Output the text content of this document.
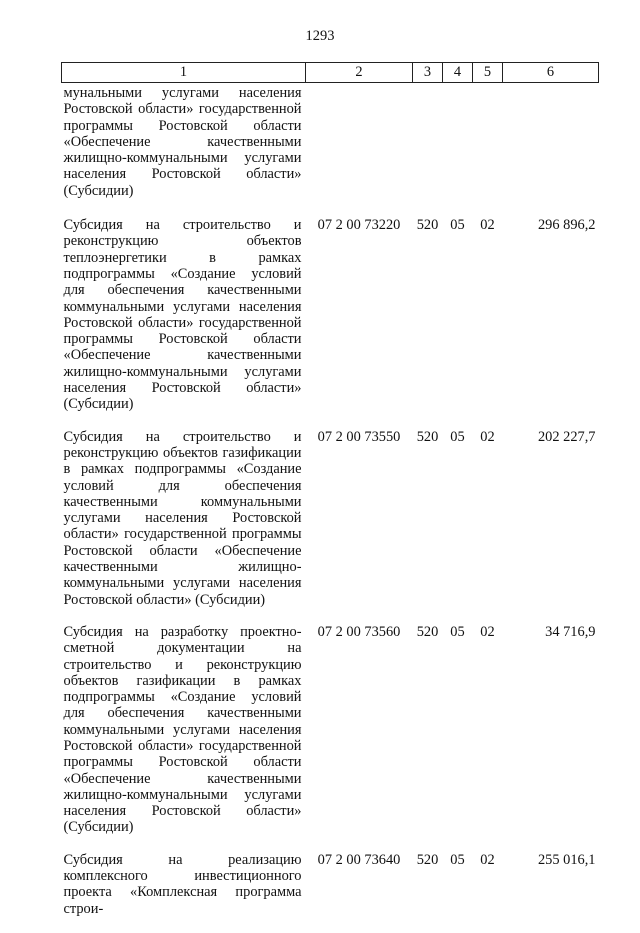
1293
1	2	3	4	5	6
мунальными услугами населения Ростовской области» государственной программы Ростовской области «Обеспечение качественными жилищно-коммунальными услугами населения Ростовской области» (Субсидии)					
Субсидия на строительство и реконструкцию объектов теплоэнергетики в рамках подпрограммы «Создание условий для обеспечения качественными коммунальными услугами населения Ростовской области» государственной программы Ростовской области «Обеспечение качественными жилищно-коммунальными услугами населения Ростовской области» (Субсидии)	07 2 00 73220	520	05	02	296 896,2
Субсидия на строительство и реконструкцию объектов газификации в рамках подпрограммы «Создание условий для обеспечения качественными коммунальными услугами населения Ростовской области» государственной программы Ростовской области «Обеспечение качественными жилищно-коммунальными услугами населения Ростовской области» (Субсидии)	07 2 00 73550	520	05	02	202 227,7
Субсидия на разработку проектно-сметной документации на строительство и реконструкцию объектов газификации в рамках подпрограммы «Создание условий для обеспечения качественными коммунальными услугами населения Ростовской области» государственной программы Ростовской области «Обеспечение качественными жилищно-коммунальными услугами населения Ростовской области» (Субсидии)	07 2 00 73560	520	05	02	34 716,9
Субсидия на реализацию комплексного инвестиционного проекта «Комплексная программа строи-	07 2 00 73640	520	05	02	255 016,1
